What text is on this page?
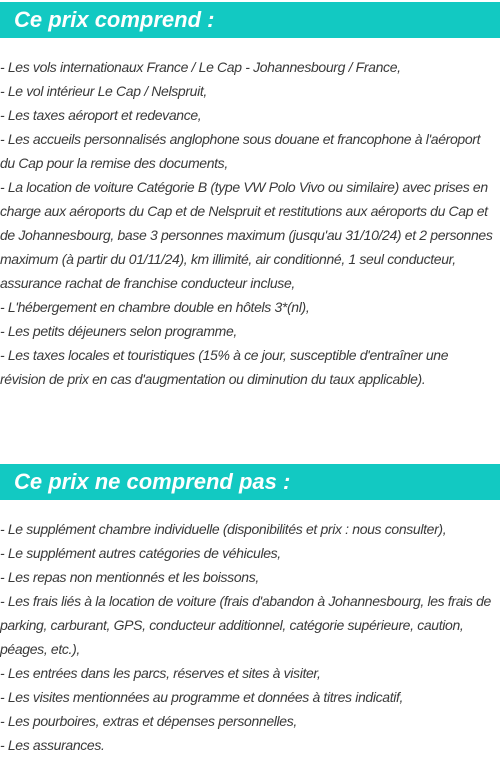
Ce prix comprend :
- Les vols internationaux France / Le Cap - Johannesbourg / France,
- Le vol intérieur Le Cap / Nelspruit,
- Les taxes aéroport et redevance,
- Les accueils personnalisés anglophone sous douane et francophone à l'aéroport du Cap pour la remise des documents,
- La location de voiture Catégorie B (type VW Polo Vivo ou similaire) avec prises en charge aux aéroports du Cap et de Nelspruit et restitutions aux aéroports du Cap et de Johannesbourg, base 3 personnes maximum (jusqu'au 31/10/24) et 2 personnes maximum (à partir du 01/11/24), km illimité, air conditionné, 1 seul conducteur, assurance rachat de franchise conducteur incluse,
- L'hébergement en chambre double en hôtels 3*(nl),
- Les petits déjeuners selon programme,
- Les taxes locales et touristiques (15% à ce jour, susceptible d'entraîner une révision de prix en cas d'augmentation ou diminution du taux applicable).
Ce prix ne comprend pas :
- Le supplément chambre individuelle (disponibilités et prix : nous consulter),
- Le supplément autres catégories de véhicules,
- Les repas non mentionnés et les boissons,
- Les frais liés à la location de voiture (frais d'abandon à Johannesbourg, les frais de parking, carburant, GPS, conducteur additionnel, catégorie supérieure, caution, péages, etc.),
- Les entrées dans les parcs, réserves et sites à visiter,
- Les visites mentionnées au programme et données à titres indicatif,
- Les pourboires, extras et dépenses personnelles,
- Les assurances.
